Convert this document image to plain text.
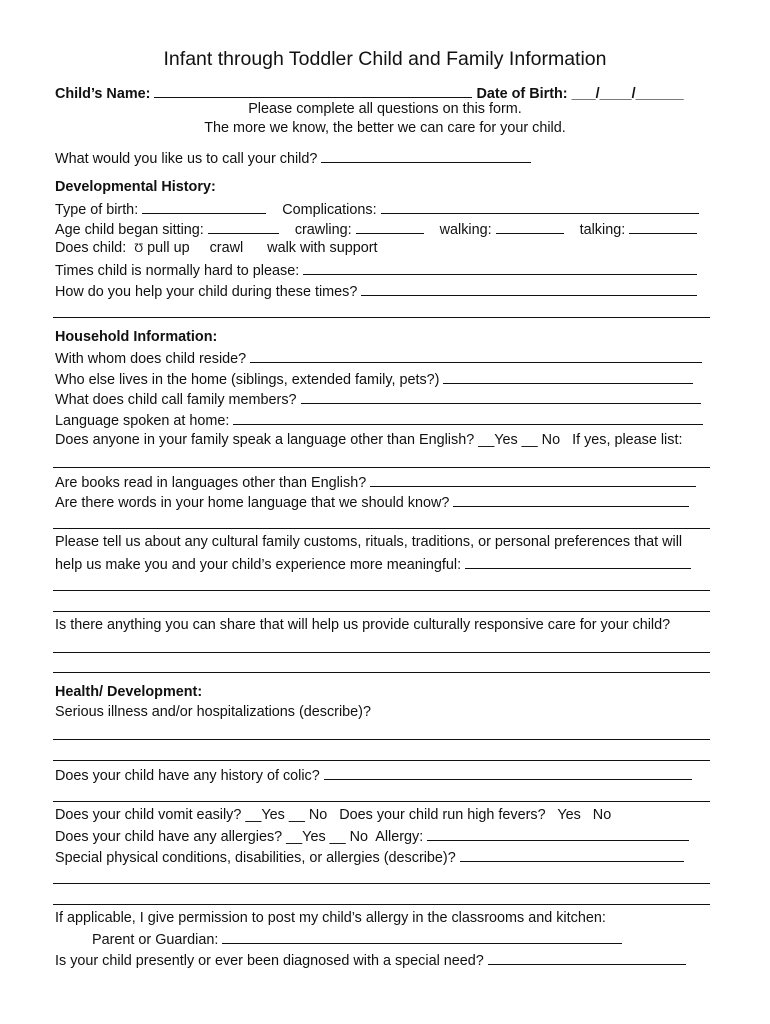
Infant through Toddler Child and Family Information
Child’s Name:	Date of Birth: ___/____/______
Please complete all questions on this form.
The more we know, the better we can care for your child.
What would you like us to call your child?
Developmental History:
Type of birth:	Complications:
Age child began sitting:	crawling:	walking:	talking:
Does child: Ʊ pull up crawl walk with support
Times child is normally hard to please:
How do you help your child during these times?
Household Information:
With whom does child reside?
Who else lives in the home (siblings, extended family, pets?)
What does child call family members?
Language spoken at home:
Does anyone in your family speak a language other than English? __Yes __ No   If yes, please list:
Are books read in languages other than English?
Are there words in your home language that we should know?
Please tell us about any cultural family customs, rituals, traditions, or personal preferences that will
help us make you and your child’s experience more meaningful:
Is there anything you can share that will help us provide culturally responsive care for your child?
Health/ Development:
Serious illness and/or hospitalizations (describe)?
Does your child have any history of colic?
Does your child vomit easily? __Yes __ No   Does your child run high fevers?   Yes   No
Does your child have any allergies? __Yes __ No  Allergy:
Special physical conditions, disabilities, or allergies (describe)?
If applicable, I give permission to post my child’s allergy in the classrooms and kitchen:
Parent or Guardian:
Is your child presently or ever been diagnosed with a special need?
